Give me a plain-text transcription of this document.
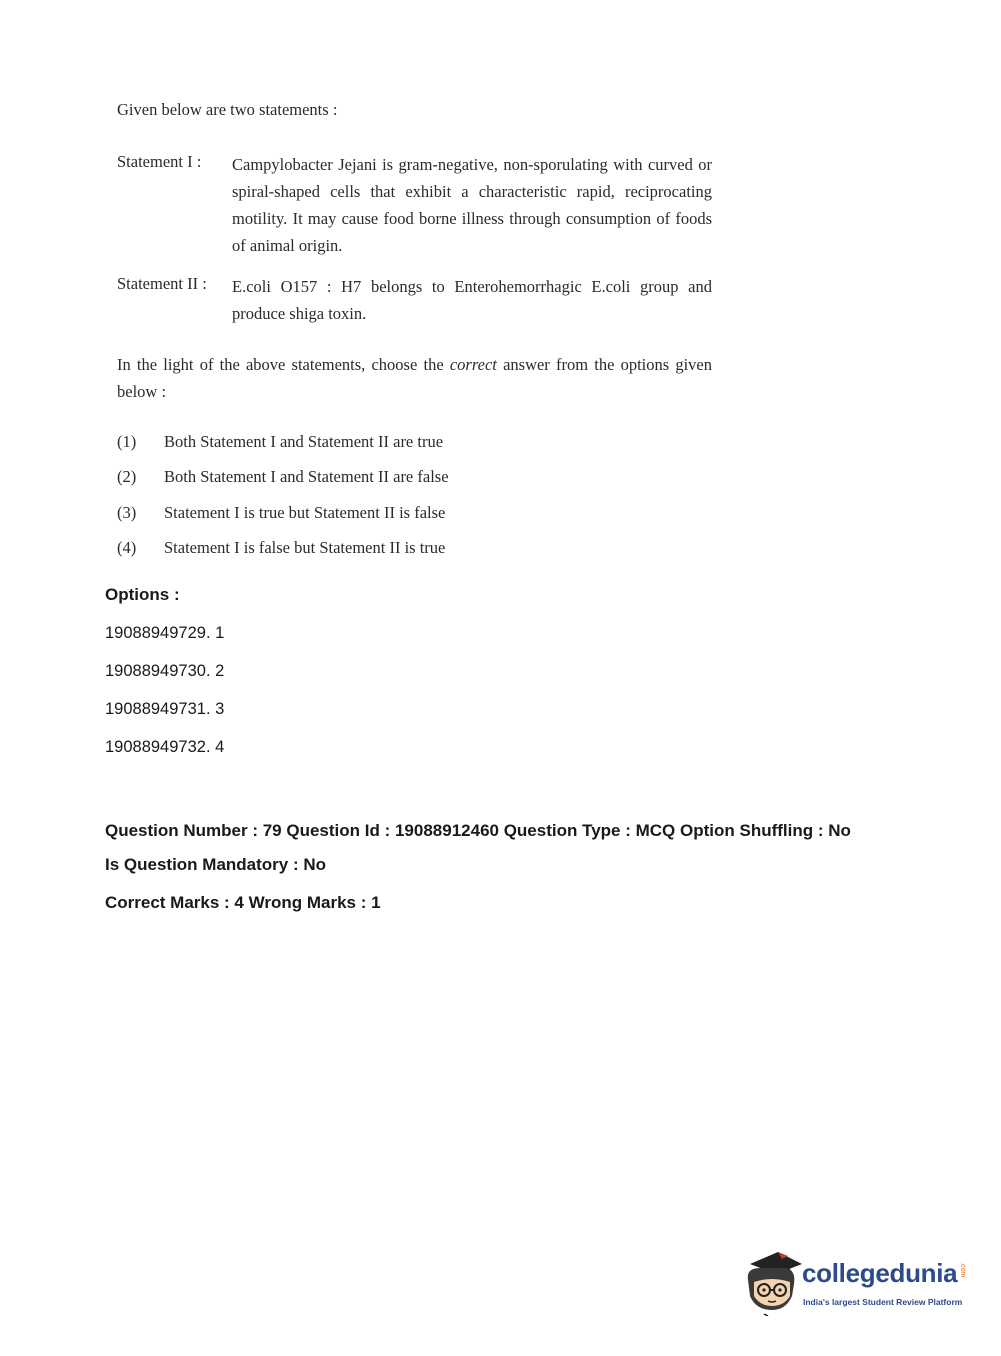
Given below are two statements :
Statement I : Campylobacter Jejani is gram-negative, non-sporulating with curved or spiral-shaped cells that exhibit a characteristic rapid, reciprocating motility. It may cause food borne illness through consumption of foods of animal origin.
Statement II : E.coli O157 : H7 belongs to Enterohemorrhagic E.coli group and produce shiga toxin.
In the light of the above statements, choose the correct answer from the options given below :
(1) Both Statement I and Statement II are true
(2) Both Statement I and Statement II are false
(3) Statement I is true but Statement II is false
(4) Statement I is false but Statement II is true
Options :
19088949729. 1
19088949730. 2
19088949731. 3
19088949732. 4
Question Number : 79 Question Id : 19088912460 Question Type : MCQ Option Shuffling : No
Is Question Mandatory : No
Correct Marks : 4 Wrong Marks : 1
collegedunia .com
India's largest Student Review Platform
